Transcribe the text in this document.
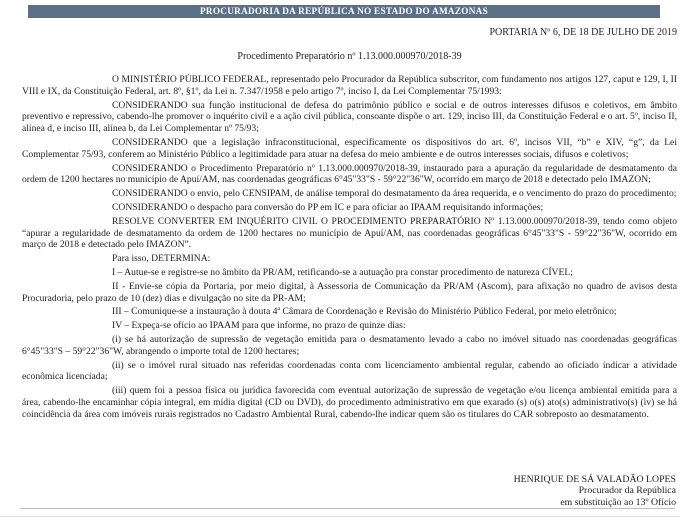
PROCURADORIA DA REPÚBLICA NO ESTADO DO AMAZONAS

PORTARIA Nº 6, DE 18 DE JULHO DE 2019

Procedimento Preparatório nº 1.13.000.000970/2018-39

O MINISTÉRIO PÚBLICO FEDERAL, representado pelo Procurador da República subscritor, com fundamento nos artigos 127, caput e 129, I, II VIII e IX, da Constituição Federal, art. 8º, §1º, da Lei n. 7.347/1958 e pelo artigo 7º, inciso I, da Lei Complementar 75/1993:

CONSIDERANDO sua função institucional de defesa do patrimônio público e social e de outros interesses difusos e coletivos, em âmbito preventivo e repressivo, cabendo-lhe promover o inquérito civil e a ação civil pública, consoante dispõe o art. 129, inciso III, da Constituição Federal e o art. 5º, inciso II, alínea d, e inciso III, alínea b, da Lei Complementar nº 75/93;

CONSIDERANDO que a legislação infraconstitucional, especificamente os dispositivos do art. 6º, incisos VII, “b” e XIV, “g”, da Lei Complementar 75/93, conferem ao Ministério Público a legitimidade para atuar na defesa do meio ambiente e de outros interesses sociais, difusos e coletivos;

CONSIDERANDO o Procedimento Preparatório nº 1.13.000.000970/2018-39, instaurado para a apuração da regularidade de desmatamento da ordem de 1200 hectares no município de Apuí/AM, nas coordenadas geográficas 6°45"33"S - 59°22"36"W, ocorrido em março de 2018 e detectado pelo IMAZON;

CONSIDERANDO o envio, pelo CENSIPAM, de análise temporal do desmatamento da área requerida, e o vencimento do prazo do procedimento;

CONSIDERANDO o despacho para conversão do PP em IC e para oficiar ao IPAAM requisitando informações;

RESOLVE CONVERTER EM INQUÉRITO CIVIL O PROCEDIMENTO PREPARATÓRIO Nº 1.13.000.000970/2018-39, tendo como objeto “apurar a regularidade de desmatamento da ordem de 1200 hectares no município de Apuí/AM, nas coordenadas geográficas 6°45"33"S - 59°22"36"W, ocorrido em março de 2018 e detectado pelo IMAZON”.

Para isso, DETERMINA:

I – Autue-se e registre-se no âmbito da PR/AM, retificando-se a autuação pra constar procedimento de natureza CÍVEL;

II - Envie-se cópia da Portaria, por meio digital, à Assessoria de Comunicação da PR/AM (Ascom), para afixação no quadro de avisos desta Procuradoria, pelo prazo de 10 (dez) dias e divulgação no site da PR-AM;

III – Comunique-se a instauração à douta 4ª Câmara de Coordenação e Revisão do Ministério Público Federal, por meio eletrônico;

IV – Expeça-se ofício ao IPAAM para que informe, no prazo de quinze dias:

(i) se há autorização de supressão de vegetação emitida para o desmatamento levado a cabo no imóvel situado nas coordenadas geográficas 6°45"33"S – 59°22"36"W, abrangendo o importe total de 1200 hectares;

(ii) se o imóvel rural situado nas referidas coordenadas conta com licenciamento ambiental regular, cabendo ao oficiado indicar a atividade econômica licenciada;

(iii) quem foi a pessoa física ou jurídica favorecida com eventual autorização de supressão de vegetação e/ou licença ambiental emitida para a área, cabendo-lhe encaminhar cópia integral, em mídia digital (CD ou DVD), do procedimento administrativo em que exarado (s) o(s) ato(s) administrativo(s) (iv) se há coincidência da área com imóveis rurais registrados no Cadastro Ambiental Rural, cabendo-lhe indicar quem são os titulares do CAR sobreposto ao desmatamento.

HENRIQUE DE SÁ VALADÃO LOPES
Procurador da República
em substituição ao 13º Ofício
